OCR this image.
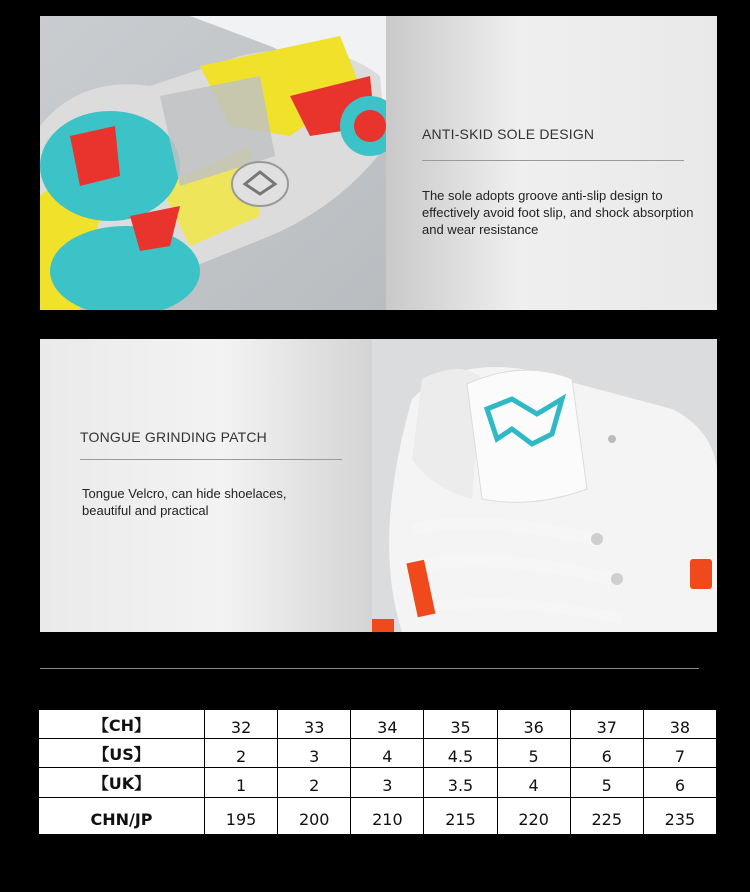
ANTI-SKID SOLE DESIGN
The sole adopts groove anti-slip design to effectively avoid foot slip, and shock absorption and wear resistance
TONGUE GRINDING PATCH
Tongue Velcro, can hide shoelaces, beautiful and practical
【CH】	32	33	34	35	36	37	38
【US】	2	3	4	4.5	5	6	7
【UK】	1	2	3	3.5	4	5	6
CHN/JP	195	200	210	215	220	225	235
